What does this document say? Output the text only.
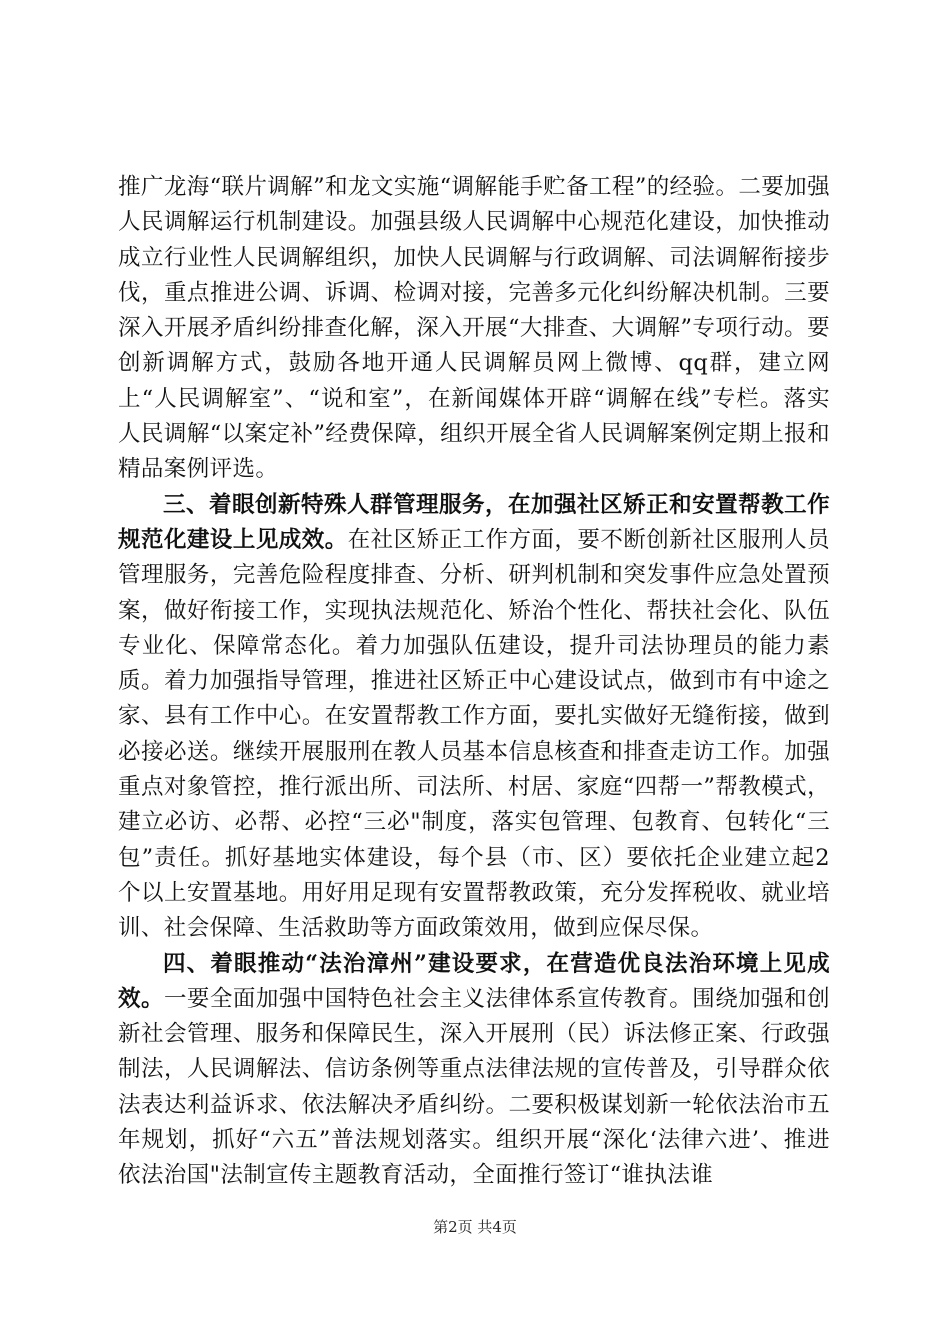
推广龙海“联片调解”和龙文实施“调解能手贮备工程”的经验。二要加强人民调解运行机制建设。加强县级人民调解中心规范化建设，加快推动成立行业性人民调解组织，加快人民调解与行政调解、司法调解衔接步伐，重点推进公调、诉调、检调对接，完善多元化纠纷解决机制。三要深入开展矛盾纠纷排查化解，深入开展“大排查、大调解”专项行动。要创新调解方式，鼓励各地开通人民调解员网上微博、qq群，建立网上“人民调解室”、“说和室”，在新闻媒体开辟“调解在线”专栏。落实人民调解“以案定补”经费保障，组织开展全省人民调解案例定期上报和精品案例评选。

三、着眼创新特殊人群管理服务，在加强社区矫正和安置帮教工作规范化建设上见成效。在社区矫正工作方面，要不断创新社区服刑人员管理服务，完善危险程度排查、分析、研判机制和突发事件应急处置预案，做好衔接工作，实现执法规范化、矫治个性化、帮扶社会化、队伍专业化、保障常态化。着力加强队伍建设，提升司法协理员的能力素质。着力加强指导管理，推进社区矫正中心建设试点，做到市有中途之家、县有工作中心。在安置帮教工作方面，要扎实做好无缝衔接，做到必接必送。继续开展服刑在教人员基本信息核查和排查走访工作。加强重点对象管控，推行派出所、司法所、村居、家庭“四帮一”帮教模式，建立必访、必帮、必控“三必"制度，落实包管理、包教育、包转化“三包”责任。抓好基地实体建设，每个县（市、区）要依托企业建立起2个以上安置基地。用好用足现有安置帮教政策，充分发挥税收、就业培训、社会保障、生活救助等方面政策效用，做到应保尽保。

四、着眼推动“法治漳州”建设要求，在营造优良法治环境上见成效。一要全面加强中国特色社会主义法律体系宣传教育。围绕加强和创新社会管理、服务和保障民生，深入开展刑（民）诉法修正案、行政强制法，人民调解法、信访条例等重点法律法规的宣传普及，引导群众依法表达利益诉求、依法解决矛盾纠纷。二要积极谋划新一轮依法治市五年规划，抓好“六五”普法规划落实。组织开展“深化‘法律六进’、推进依法治国"法制宣传主题教育活动，全面推行签订“谁执法谁

第2页 共4页
